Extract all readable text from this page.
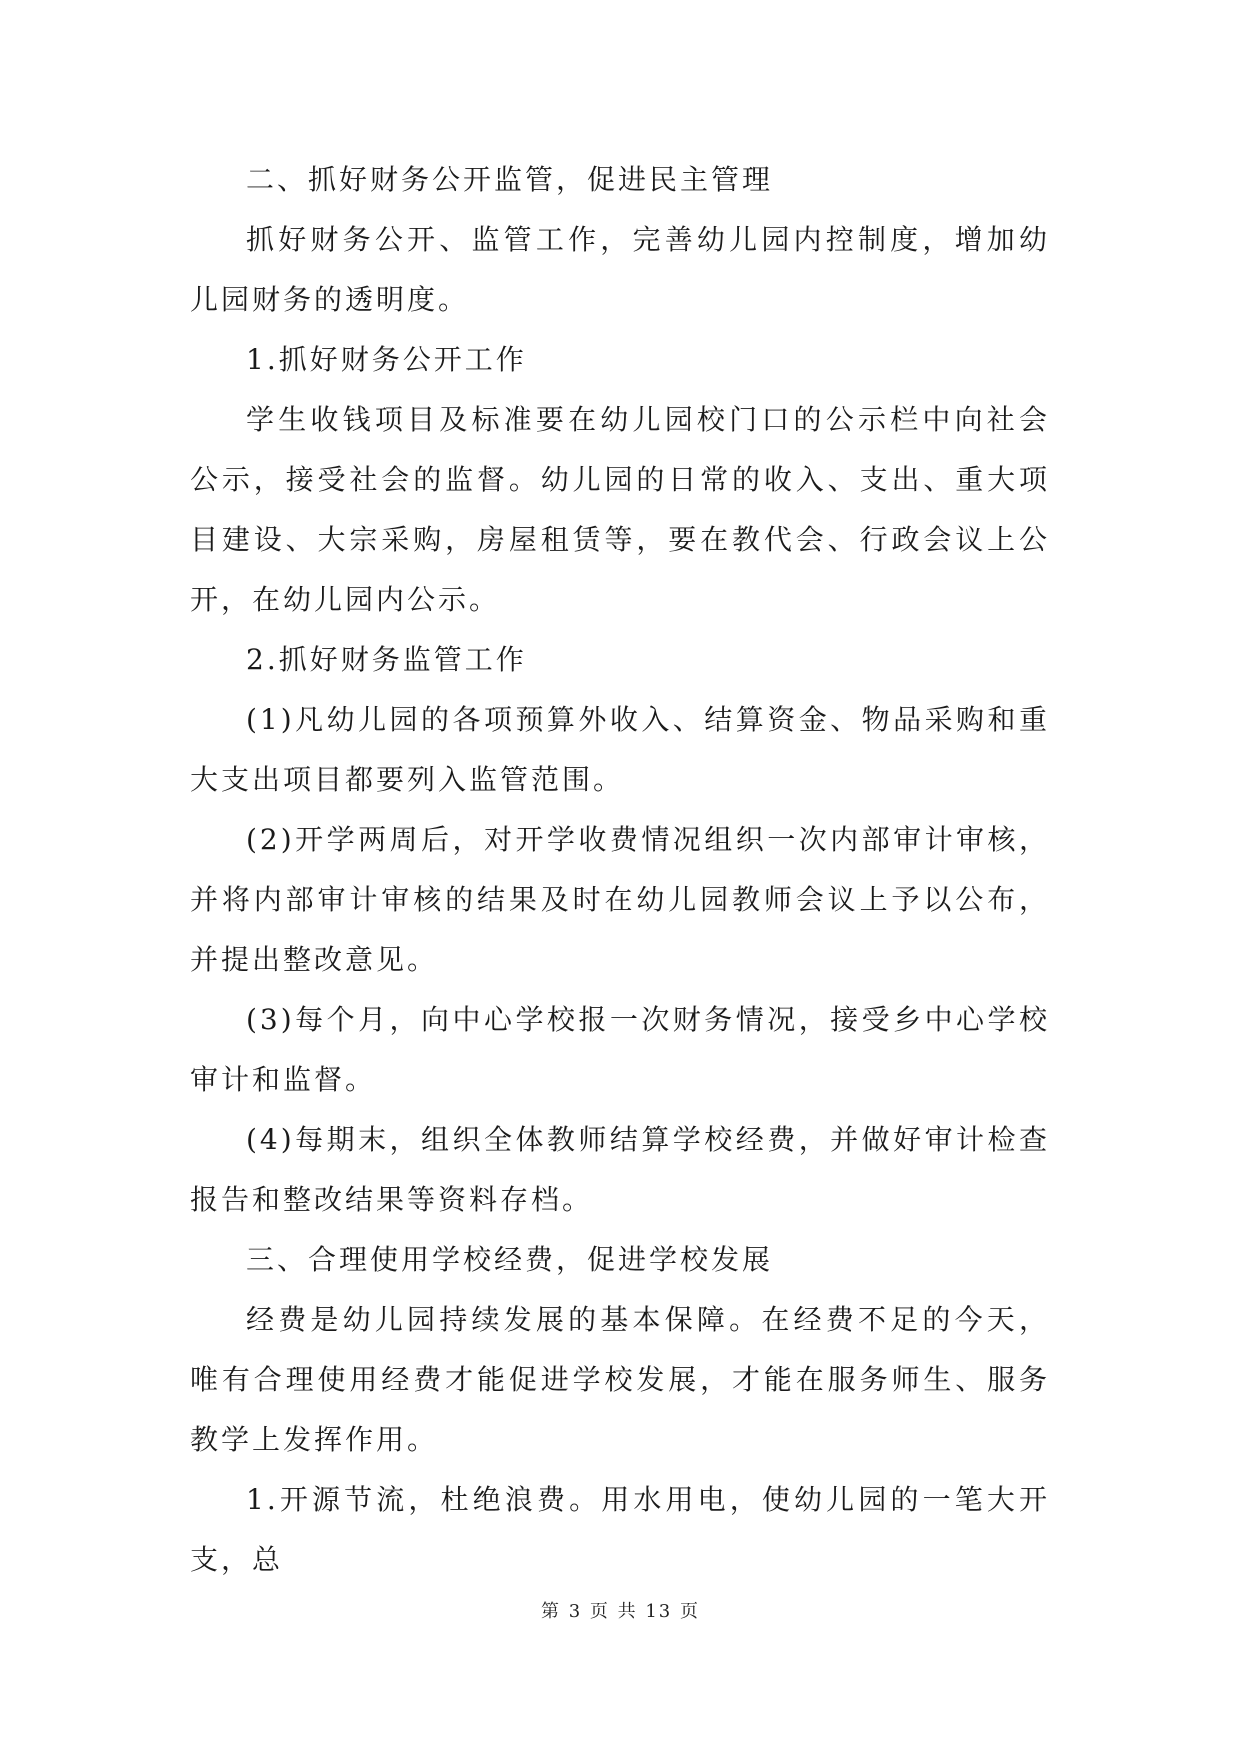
二、抓好财务公开监管，促进民主管理

抓好财务公开、监管工作，完善幼儿园内控制度，增加幼儿园财务的透明度。

1.抓好财务公开工作

学生收钱项目及标准要在幼儿园校门口的公示栏中向社会公示，接受社会的监督。幼儿园的日常的收入、支出、重大项目建设、大宗采购，房屋租赁等，要在教代会、行政会议上公开，在幼儿园内公示。

2.抓好财务监管工作

(1)凡幼儿园的各项预算外收入、结算资金、物品采购和重大支出项目都要列入监管范围。

(2)开学两周后，对开学收费情况组织一次内部审计审核，并将内部审计审核的结果及时在幼儿园教师会议上予以公布，并提出整改意见。

(3)每个月，向中心学校报一次财务情况，接受乡中心学校审计和监督。

(4)每期末，组织全体教师结算学校经费，并做好审计检查报告和整改结果等资料存档。

三、合理使用学校经费，促进学校发展

经费是幼儿园持续发展的基本保障。在经费不足的今天，唯有合理使用经费才能促进学校发展，才能在服务师生、服务教学上发挥作用。

1.开源节流，杜绝浪费。用水用电，使幼儿园的一笔大开支，总

第 3 页 共 13 页
